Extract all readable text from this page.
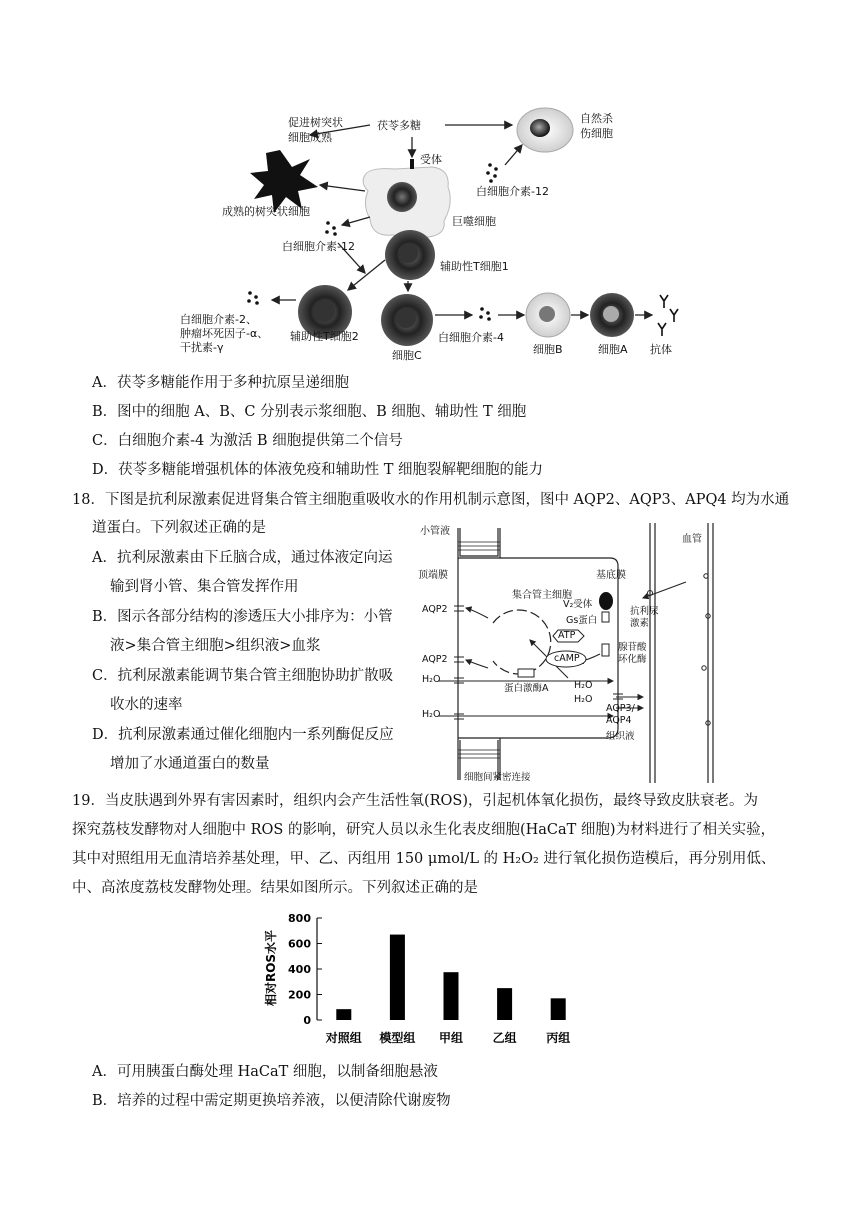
促进树突状
细胞成熟
茯苓多糖
自然杀
伤细胞
受体
白细胞介素-12
成熟的树突状细胞
巨噬细胞
白细胞介素-12
辅助性T细胞1
白细胞介素-2、
肿瘤坏死因子-α、
干扰素-γ
辅助性T细胞2	白细胞介素-4
细胞B	细胞A 抗体
细胞C
A．茯苓多糖能作用于多种抗原呈递细胞
B．图中的细胞 A、B、C 分别表示浆细胞、B 细胞、辅助性 T 细胞
C．白细胞介素-4 为激活 B 细胞提供第二个信号
D．茯苓多糖能增强机体的体液免疫和辅助性 T 细胞裂解靶细胞的能力
18．下图是抗利尿激素促进肾集合管主细胞重吸收水的作用机制示意图，图中 AQP2、AQP3、APQ4 均为水通
道蛋白。下列叙述正确的是
A．抗利尿激素由下丘脑合成，通过体液定向运
输到肾小管、集合管发挥作用
B．图示各部分结构的渗透压大小排序为：小管
液>集合管主细胞>组织液>血浆
C．抗利尿激素能调节集合管主细胞协助扩散吸
收水的速率
D．抗利尿激素通过催化细胞内一系列酶促反应
增加了水通道蛋白的数量
小管液
顶端膜
集合管主细胞
基底膜
血管
V₂受体
Gs蛋白
抗利尿
激素
AQP2
AQP2
ATP
腺苷酸
环化酶
cAMP
蛋白激酶A
H₂O
H₂O
H₂O
H₂O
AQP3/
AQP4
组织液
细胞间紧密连接
19．当皮肤遇到外界有害因素时，组织内会产生活性氧(ROS)，引起机体氧化损伤，最终导致皮肤衰老。为
探究荔枝发酵物对人细胞中 ROS 的影响，研究人员以永生化表皮细胞(HaCaT 细胞)为材料进行了相关实验，
其中对照组用无血清培养基处理，甲、乙、丙组用 150 μmol/L 的 H₂O₂ 进行氧化损伤造模后，再分别用低、
中、高浓度荔枝发酵物处理。结果如图所示。下列叙述正确的是
相对ROS水平
0
200
400
600
800
对照组 模型组 甲组 乙组 丙组
A．可用胰蛋白酶处理 HaCaT 细胞，以制备细胞悬液
B．培养的过程中需定期更换培养液，以便清除代谢废物
